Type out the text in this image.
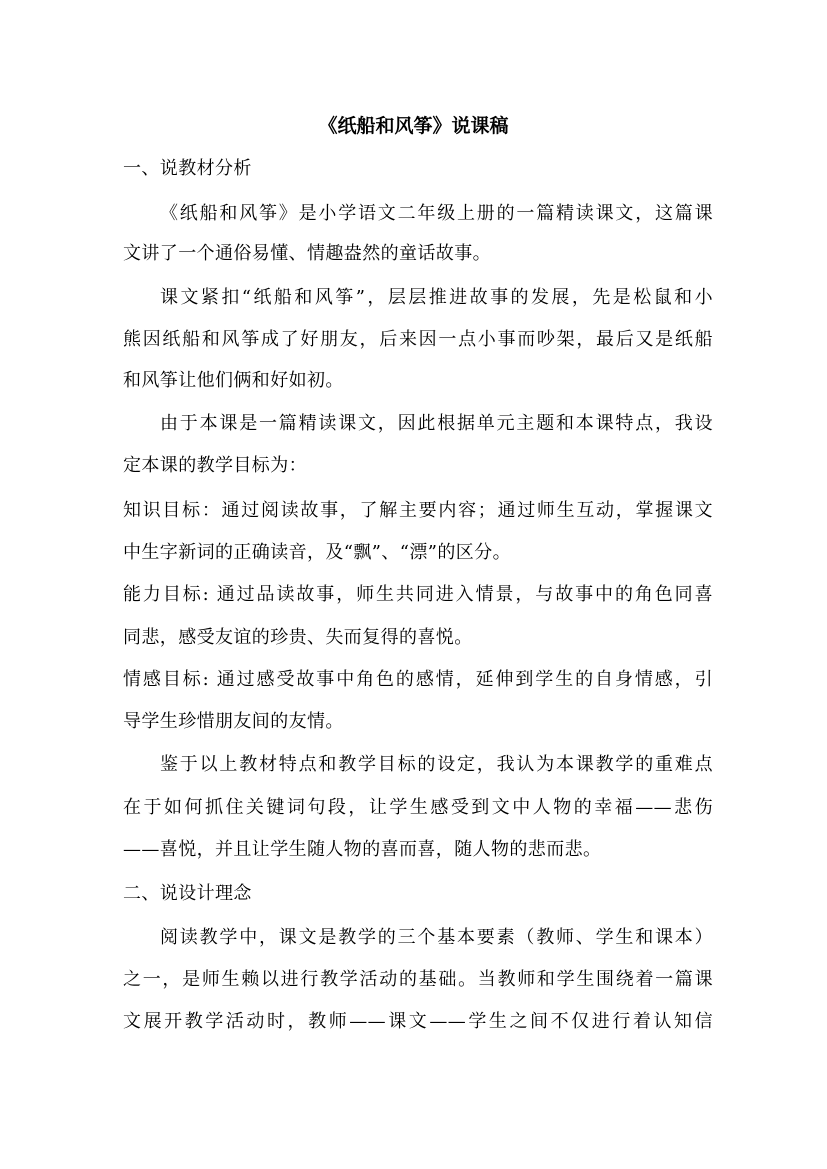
《纸船和风筝》说课稿
一、说教材分析
《纸船和风筝》是小学语文二年级上册的一篇精读课文，这篇课
文讲了一个通俗易懂、情趣盎然的童话故事。
课文紧扣“纸船和风筝”，层层推进故事的发展，先是松鼠和小
熊因纸船和风筝成了好朋友，后来因一点小事而吵架，最后又是纸船
和风筝让他们俩和好如初。
由于本课是一篇精读课文，因此根据单元主题和本课特点，我设
定本课的教学目标为：
知识目标：通过阅读故事，了解主要内容；通过师生互动，掌握课文
中生字新词的正确读音，及“飘”、“漂”的区分。
能力目标: 通过品读故事，师生共同进入情景，与故事中的角色同喜
同悲，感受友谊的珍贵、失而复得的喜悦。
情感目标: 通过感受故事中角色的感情，延伸到学生的自身情感，引
导学生珍惜朋友间的友情。
鉴于以上教材特点和教学目标的设定，我认为本课教学的重难点
在于如何抓住关键词句段，让学生感受到文中人物的幸福——悲伤
——喜悦，并且让学生随人物的喜而喜，随人物的悲而悲。
二、说设计理念
阅读教学中，课文是教学的三个基本要素（教师、学生和课本）
之一，是师生赖以进行教学活动的基础。当教师和学生围绕着一篇课
文展开教学活动时，教师——课文——学生之间不仅进行着认知信
